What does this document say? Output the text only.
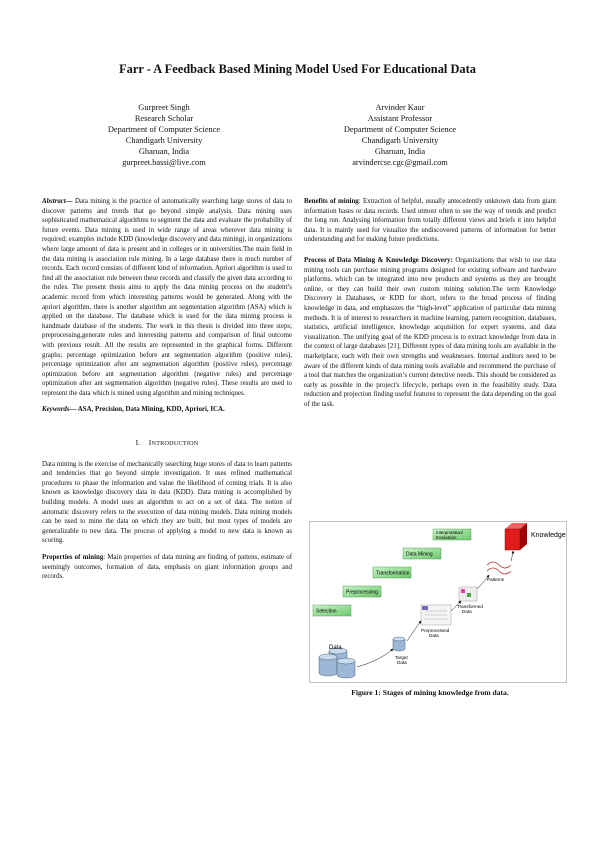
Farr - A Feedback Based Mining Model Used For Educational Data
Gurpreet Singh
Research Scholar
Department of Computer Science
Chandigarh University
Gharuan, India
gurpreet.bassi@live.com
Arvinder Kaur
Assistant Professor
Department of Computer Science
Chandigarh University
Gharuan, India
arvindercse.cgc@gmail.com

Abstract— Data mining is the practice of automatically searching large stores of data to discover patterns and trends that go beyond simple analysis. Data mining uses sophisticated mathematical algorithms to segment the data and evaluate the probability of future events. Data mining is used in wide range of areas wherever data mining is required; examples include KDD (knowledge discovery and data mining), in organizations where large amount of data is present and in colleges or in universities.The main field in the data mining is association rule mining. In a large database there is much number of records. Each record consists of different kind of information. Apriori algorithm is used to find all the association rule between these records and classify the given data according to the rules. The present thesis aims to apply the data mining process on the student’s academic record from which interesting patterns would be generated. Along with the apriori algorithm, there is another algorithm ant segmentation algorithm (ASA) which is applied on the database. The database which is used for the data mining process is handmade database of the students. The work in this thesis is divided into three steps; preprocessing,generate rules and interesting patterns and comparison of final outcome with previous result. All the results are represented in the graphical forms. Different graphs; percentage optimization before ant segmentation algorithm (positive rules), percentage optimization after ant segmentation algorithm (positive rules), percentage optimization before ant segmentation algorithm (negative rules) and percentage optimization after ant segmentation algorithm (negative rules). These results are used to represent the data which is mined using algorithm and mining techniques.

Keywords— ASA, Precision, Data Mining, KDD, Apriori, ICA.

I. INTRODUCTION

Data mining is the exercise of mechanically searching huge stores of data to learn patterns and tendencies that go beyond simple investigation. It uses refined mathematical procedures to phase the information and value the likelihood of coming trials. It is also known as knowledge discovery data in data (KDD). Data mining is accomplished by building models. A model uses an algorithm to act on a set of data. The notion of automatic discovery refers to the execution of data mining models. Data mining models can be used to mine the data on which they are built, but most types of models are generalizable to new data. The process of applying a model to new data is known as scoring.

Properties of mining: Main properties of data mining are finding of pattens, estimate of seemingly outcomes, formation of data, emphasis on giant information groups and records.

Benefits of mining: Extraction of helpful, usually antecedently unknown data from giant information bases or data records. Used utmost often to see the way of trends and predict the long run. Analysing information from totally different views and briefs it into helpful data. It is mainly used for visualize the undiscovered patterns of information for better understanding and for making future predictions.

Process of Data Mining & Knowledge Discovery: Organizations that wish to use data mining tools can purchase mining programs designed for existing software and hardware platforms, which can be integrated into new products and systems as they are brought online, or they can build their own custom mining solution.The term Knowledge Discovery in Databases, or KDD for short, refers to the broad process of finding knowledge in data, and emphasizes the “high-level” application of particular data mining methods. It is of interest to researchers in machine learning, pattern recognition, databases, statistics, artificial intelligence, knowledge acquisition for expert systems, and data visualization. The unifying goal of the KDD process is to extract knowledge from data in the context of large databases [21]. Different types of data mining tools are available in the marketplace, each with their own strengths and weaknesses. Internal auditors need to be aware of the different kinds of data mining tools available and recommend the purchase of a tool that matches the organization’s current detective needs. This should be considered as early as possible in the project's lifecycle, perhaps even in the feasibility study. Data reduction and projection finding useful features to represent the data depending on the goal of the task.

Selection
Preprocessing
Transformation
Data Mining
Interpretation/
Evaluation	Knowledge
Data
Target Data
Preprocessed Data
Transformed Data
Patterns
Figure 1: Stages of mining knowledge from data.
